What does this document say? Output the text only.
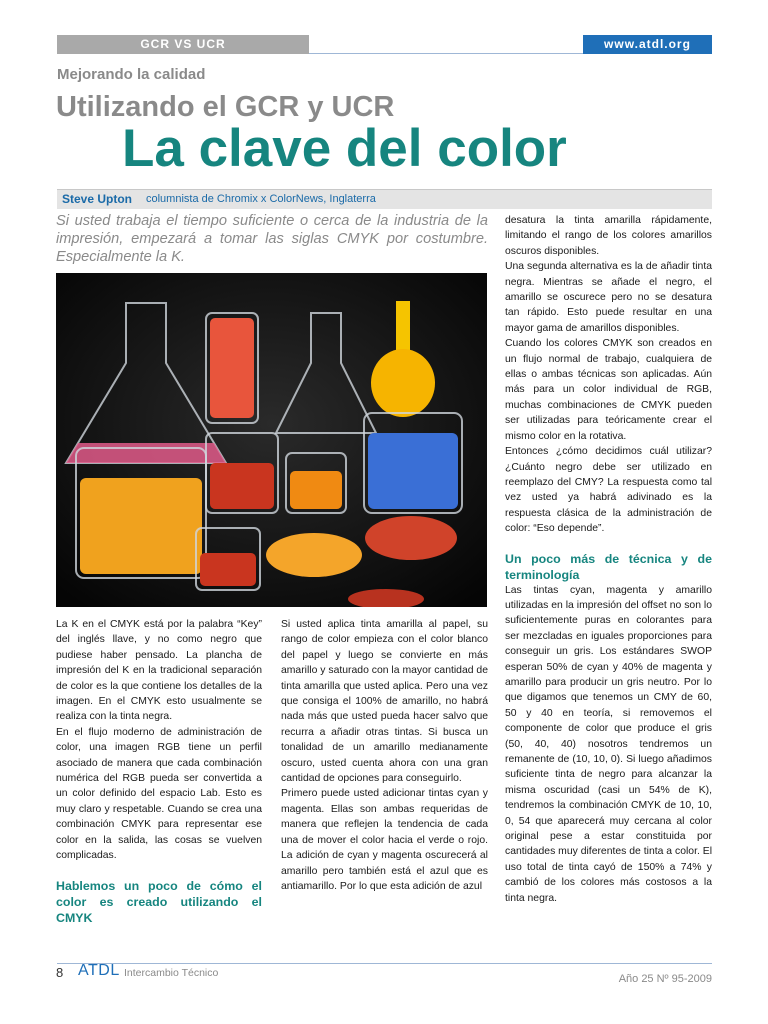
GCR VS UCR	www.atdl.org
Mejorando la calidad
Utilizando el GCR y UCR
La clave del color
Steve Upton columnista de Chromix x ColorNews, Inglaterra
Si usted trabaja el tiempo suficiente o cerca de la industria de la impresión, empezará a tomar las siglas CMYK por costumbre. Especialmente la K.

La K en el CMYK está por la palabra “Key” del inglés llave, y no como negro que pudiese haber pensado. La plancha de impresión del K en la tradicional separación de color es la que contiene los detalles de la imagen. En el CMYK esto usualmente se realiza con la tinta negra.

En el flujo moderno de administración de color, una imagen RGB tiene un perfil asociado de manera que cada combinación numérica del RGB pueda ser convertida a un color definido del espacio Lab. Esto es muy claro y respetable. Cuando se crea una combinación CMYK para representar ese color en la salida, las cosas se vuelven complicadas.

Hablemos un poco de cómo el color es creado utilizando el CMYK

Si usted aplica tinta amarilla al papel, su rango de color empieza con el color blanco del papel y luego se convierte en más amarillo y saturado con la mayor cantidad de tinta amarilla que usted aplica. Pero una vez que consiga el 100% de amarillo, no habrá nada más que usted pueda hacer salvo que recurra a añadir otras tintas. Si busca un tonalidad de un amarillo medianamente oscuro, usted cuenta ahora con una gran cantidad de opciones para conseguirlo.

Primero puede usted adicionar tintas cyan y magenta. Ellas son ambas requeridas de manera que reflejen la tendencia de cada una de mover el color hacia el verde o rojo. La adición de cyan y magenta oscurecerá al amarillo pero también está el azul que es antiamarillo. Por lo que esta adición de azul

desatura la tinta amarilla rápidamente, limitando el rango de los colores amarillos oscuros disponibles.

Una segunda alternativa es la de añadir tinta negra. Mientras se añade el negro, el amarillo se oscurece pero no se desatura tan rápido. Esto puede resultar en una mayor gama de amarillos disponibles.

Cuando los colores CMYK son creados en un flujo normal de trabajo, cualquiera de ellas o ambas técnicas son aplicadas. Aún más para un color individual de RGB, muchas combinaciones de CMYK pueden ser utilizadas para teóricamente crear el mismo color en la rotativa.

Entonces ¿cómo decidimos cuál utilizar? ¿Cuánto negro debe ser utilizado en reemplazo del CMY? La respuesta como tal vez usted ya habrá adivinado es la respuesta clásica de la administración de color: “Eso depende”.

Un poco más de técnica y de terminología

Las tintas cyan, magenta y amarillo utilizadas en la impresión del offset no son lo suficientemente puras en colorantes para ser mezcladas en iguales proporciones para conseguir un gris. Los estándares SWOP esperan 50% de cyan y 40% de magenta y amarillo para producir un gris neutro. Por lo que digamos que tenemos un CMY de 60, 50 y 40 en teoría, si removemos el componente de color que produce el gris (50, 40, 40) nosotros tendremos un remanente de (10, 10, 0). Si luego añadimos suficiente tinta de negro para alcanzar la misma oscuridad (casi un 54% de K), tendremos la combinación CMYK de 10, 10, 0, 54 que aparecerá muy cercana al color original pese a estar constituida por cantidades muy diferentes de tinta a color. El uso total de tinta cayó de 150% a 74% y cambió de los colores más costosos a la tinta negra.

8 ATDL Intercambio Técnico	Año 25 Nº 95-2009
